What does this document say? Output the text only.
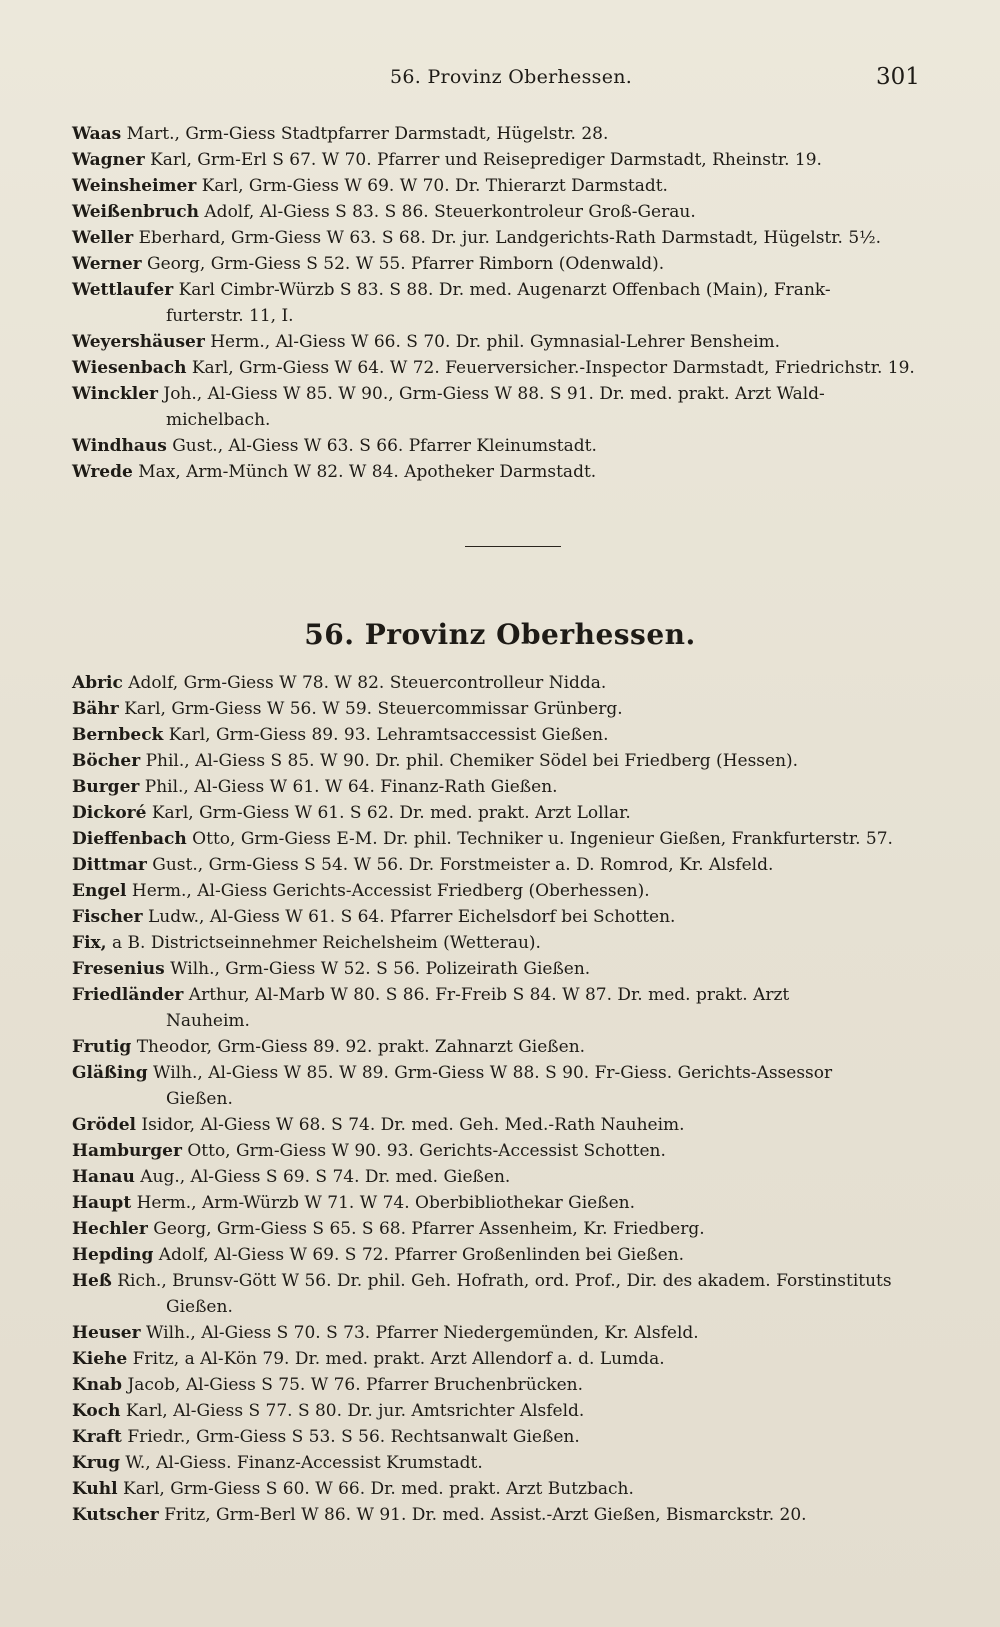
56. Provinz Oberhessen.	301
Waas Mart., Grm-Giess Stadtpfarrer Darmstadt, Hügelstr. 28.
Wagner Karl, Grm-Erl S 67. W 70. Pfarrer und Reiseprediger Darmstadt, Rheinstr. 19.
Weinsheimer Karl, Grm-Giess W 69. W 70. Dr. Thierarzt Darmstadt.
Weißenbruch Adolf, Al-Giess S 83. S 86. Steuerkontroleur Groß-Gerau.
Weller Eberhard, Grm-Giess W 63. S 68. Dr. jur. Landgerichts-Rath Darmstadt, Hügelstr. 5½.
Werner Georg, Grm-Giess S 52. W 55. Pfarrer Rimborn (Odenwald).
Wettlaufer Karl Cimbr-Würzb S 83. S 88. Dr. med. Augenarzt Offenbach (Main), Frank-
furterstr. 11, I.
Weyershäuser Herm., Al-Giess W 66. S 70. Dr. phil. Gymnasial-Lehrer Bensheim.
Wiesenbach Karl, Grm-Giess W 64. W 72. Feuerversicher.-Inspector Darmstadt, Friedrichstr. 19.
Winckler Joh., Al-Giess W 85. W 90., Grm-Giess W 88. S 91. Dr. med. prakt. Arzt Wald-
michelbach.
Windhaus Gust., Al-Giess W 63. S 66. Pfarrer Kleinumstadt.
Wrede Max, Arm-Münch W 82. W 84. Apotheker Darmstadt.
56. Provinz Oberhessen.
Abric Adolf, Grm-Giess W 78. W 82. Steuercontrolleur Nidda.
Bähr Karl, Grm-Giess W 56. W 59. Steuercommissar Grünberg.
Bernbeck Karl, Grm-Giess 89. 93. Lehramtsaccessist Gießen.
Böcher Phil., Al-Giess S 85. W 90. Dr. phil. Chemiker Södel bei Friedberg (Hessen).
Burger Phil., Al-Giess W 61. W 64. Finanz-Rath Gießen.
Dickoré Karl, Grm-Giess W 61. S 62. Dr. med. prakt. Arzt Lollar.
Dieffenbach Otto, Grm-Giess E-M. Dr. phil. Techniker u. Ingenieur Gießen, Frankfurterstr. 57.
Dittmar Gust., Grm-Giess S 54. W 56. Dr. Forstmeister a. D. Romrod, Kr. Alsfeld.
Engel Herm., Al-Giess Gerichts-Accessist Friedberg (Oberhessen).
Fischer Ludw., Al-Giess W 61. S 64. Pfarrer Eichelsdorf bei Schotten.
Fix, a B. Districtseinnehmer Reichelsheim (Wetterau).
Fresenius Wilh., Grm-Giess W 52. S 56. Polizeirath Gießen.
Friedländer Arthur, Al-Marb W 80. S 86. Fr-Freib S 84. W 87. Dr. med. prakt. Arzt
Nauheim.
Frutig Theodor, Grm-Giess 89. 92. prakt. Zahnarzt Gießen.
Gläßing Wilh., Al-Giess W 85. W 89. Grm-Giess W 88. S 90. Fr-Giess. Gerichts-Assessor
Gießen.
Grödel Isidor, Al-Giess W 68. S 74. Dr. med. Geh. Med.-Rath Nauheim.
Hamburger Otto, Grm-Giess W 90. 93. Gerichts-Accessist Schotten.
Hanau Aug., Al-Giess S 69. S 74. Dr. med. Gießen.
Haupt Herm., Arm-Würzb W 71. W 74. Oberbibliothekar Gießen.
Hechler Georg, Grm-Giess S 65. S 68. Pfarrer Assenheim, Kr. Friedberg.
Hepding Adolf, Al-Giess W 69. S 72. Pfarrer Großenlinden bei Gießen.
Heß Rich., Brunsv-Gött W 56. Dr. phil. Geh. Hofrath, ord. Prof., Dir. des akadem. Forstinstituts
Gießen.
Heuser Wilh., Al-Giess S 70. S 73. Pfarrer Niedergemünden, Kr. Alsfeld.
Kiehe Fritz, a Al-Kön 79. Dr. med. prakt. Arzt Allendorf a. d. Lumda.
Knab Jacob, Al-Giess S 75. W 76. Pfarrer Bruchenbrücken.
Koch Karl, Al-Giess S 77. S 80. Dr. jur. Amtsrichter Alsfeld.
Kraft Friedr., Grm-Giess S 53. S 56. Rechtsanwalt Gießen.
Krug W., Al-Giess. Finanz-Accessist Krumstadt.
Kuhl Karl, Grm-Giess S 60. W 66. Dr. med. prakt. Arzt Butzbach.
Kutscher Fritz, Grm-Berl W 86. W 91. Dr. med. Assist.-Arzt Gießen, Bismarckstr. 20.
